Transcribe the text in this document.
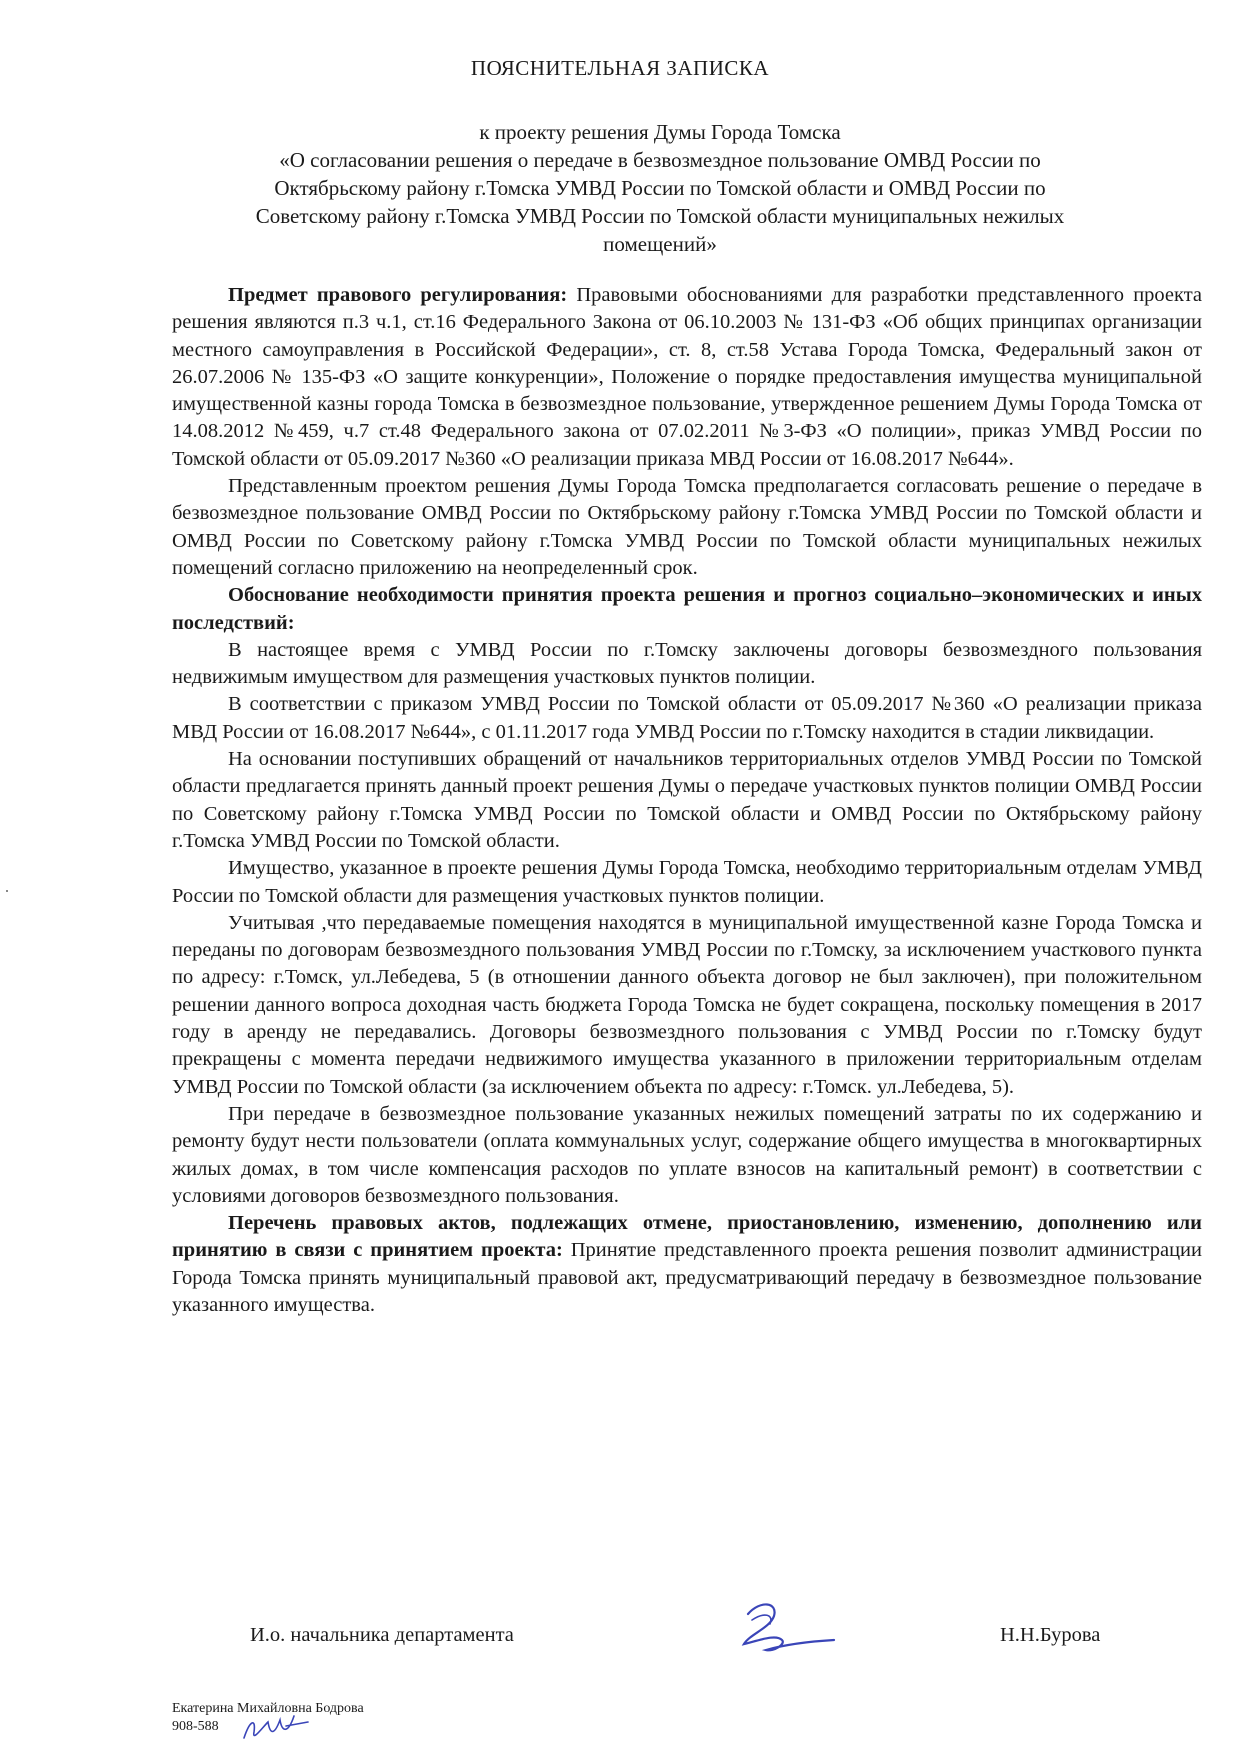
ПОЯСНИТЕЛЬНАЯ ЗАПИСКА
к проекту решения Думы Города Томска
«О согласовании решения о передаче в безвозмездное пользование ОМВД России по
Октябрьскому району г.Томска УМВД России по Томской области и ОМВД России по
Советскому району г.Томска УМВД России по Томской области муниципальных нежилых
помещений»

Предмет правового регулирования: Правовыми обоснованиями для разработки представленного проекта решения являются п.3 ч.1, ст.16 Федерального Закона от 06.10.2003 № 131-ФЗ «Об общих принципах организации местного самоуправления в Российской Федерации», ст. 8, ст.58 Устава Города Томска, Федеральный закон от 26.07.2006 № 135-ФЗ «О защите конкуренции», Положение о порядке предоставления имущества муниципальной имущественной казны города Томска в безвозмездное пользование, утвержденное решением Думы Города Томска от 14.08.2012 №459, ч.7 ст.48 Федерального закона от 07.02.2011 №3-ФЗ «О полиции», приказ УМВД России по Томской области от 05.09.2017 №360 «О реализации приказа МВД России от 16.08.2017 №644».

Представленным проектом решения Думы Города Томска предполагается согласовать решение о передаче в безвозмездное пользование ОМВД России по Октябрьскому району г.Томска УМВД России по Томской области и ОМВД России по Советскому району г.Томска УМВД России по Томской области муниципальных нежилых помещений согласно приложению на неопределенный срок.

Обоснование необходимости принятия проекта решения и прогноз социально–экономических и иных последствий:

В настоящее время с УМВД России по г.Томску заключены договоры безвозмездного пользования недвижимым имуществом для размещения участковых пунктов полиции.

В соответствии с приказом УМВД России по Томской области от 05.09.2017 №360 «О реализации приказа МВД России от 16.08.2017 №644», с 01.11.2017 года УМВД России по г.Томску находится в стадии ликвидации.

На основании поступивших обращений от начальников территориальных отделов УМВД России по Томской области предлагается принять данный проект решения Думы о передаче участковых пунктов полиции ОМВД России по Советскому району г.Томска УМВД России по Томской области и ОМВД России по Октябрьскому району г.Томска УМВД России по Томской области.

Имущество, указанное в проекте решения Думы Города Томска, необходимо территориальным отделам УМВД России по Томской области для размещения участковых пунктов полиции.

Учитывая ,что передаваемые помещения находятся в муниципальной имущественной казне Города Томска и переданы по договорам безвозмездного пользования УМВД России по г.Томску, за исключением участкового пункта по адресу: г.Томск, ул.Лебедева, 5 (в отношении данного объекта договор не был заключен), при положительном решении данного вопроса доходная часть бюджета Города Томска не будет сокращена, поскольку помещения в 2017 году в аренду не передавались. Договоры безвозмездного пользования с УМВД России по г.Томску будут прекращены с момента передачи недвижимого имущества указанного в приложении территориальным отделам УМВД России по Томской области (за исключением объекта по адресу: г.Томск. ул.Лебедева, 5).

При передаче в безвозмездное пользование указанных нежилых помещений затраты по их содержанию и ремонту будут нести пользователи (оплата коммунальных услуг, содержание общего имущества в многоквартирных жилых домах, в том числе компенсация расходов по уплате взносов на капитальный ремонт) в соответствии с условиями договоров безвозмездного пользования.

Перечень правовых актов, подлежащих отмене, приостановлению, изменению, дополнению или принятию в связи с принятием проекта: Принятие представленного проекта решения позволит администрации Города Томска принять муниципальный правовой акт, предусматривающий передачу в безвозмездное пользование указанного имущества.

И.о. начальника департамента	Н.Н.Бурова
Екатерина Михайловна Бодрова
908-588
